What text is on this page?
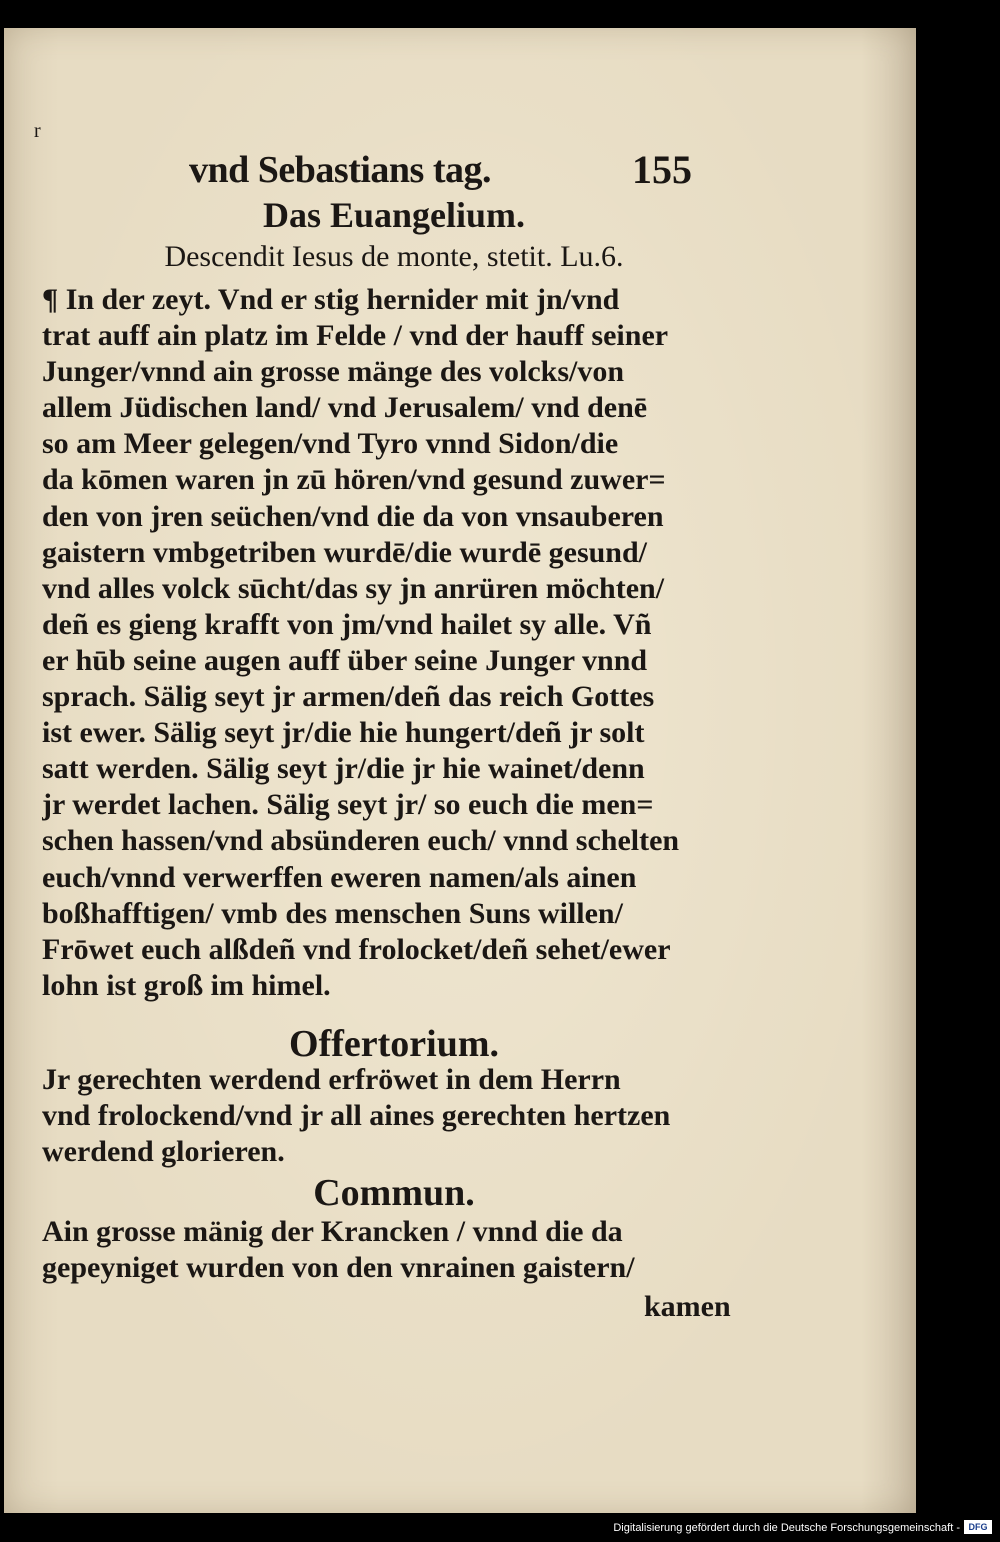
r
vnd Sebastians tag.	155
Das Euangelium.
Descendit Iesus de monte, stetit. Lu.6.
¶ In der zeyt. Vnd er stig hernider mit jn/vnd
trat auff ain platz im Felde / vnd der hauff seiner
Junger/vnnd ain grosse mänge des volcks/von
allem Jüdischen land/ vnd Jerusalem/ vnd denē
so am Meer gelegen/vnd Tyro vnnd Sidon/die
da kōmen waren jn zū hören/vnd gesund zuwer=
den von jren seüchen/vnd die da von vnsauberen
gaistern vmbgetriben wurdē/die wurdē gesund/
vnd alles volck sūcht/das sy jn anrüren möchten/
deñ es gieng krafft von jm/vnd hailet sy alle. Vñ
er hūb seine augen auff über seine Junger vnnd
sprach. Sälig seyt jr armen/deñ das reich Gottes
ist ewer. Sälig seyt jr/die hie hungert/deñ jr solt
satt werden. Sälig seyt jr/die jr hie wainet/denn
jr werdet lachen. Sälig seyt jr/ so euch die men=
schen hassen/vnd absünderen euch/ vnnd schelten
euch/vnnd verwerffen eweren namen/als ainen
boßhafftigen/ vmb des menschen Suns willen/
Frōwet euch alßdeñ vnd frolocket/deñ sehet/ewer
lohn ist groß im himel.
Offertorium.
Jr gerechten werdend erfröwet in dem Herrn
vnd frolockend/vnd jr all aines gerechten hertzen
werdend glorieren.
Commun.
Ain grosse mänig der Krancken / vnnd die da
gepeyniget wurden von den vnrainen gaistern/
kamen
Digitalisierung gefördert durch die Deutsche Forschungsgemeinschaft - DFG
